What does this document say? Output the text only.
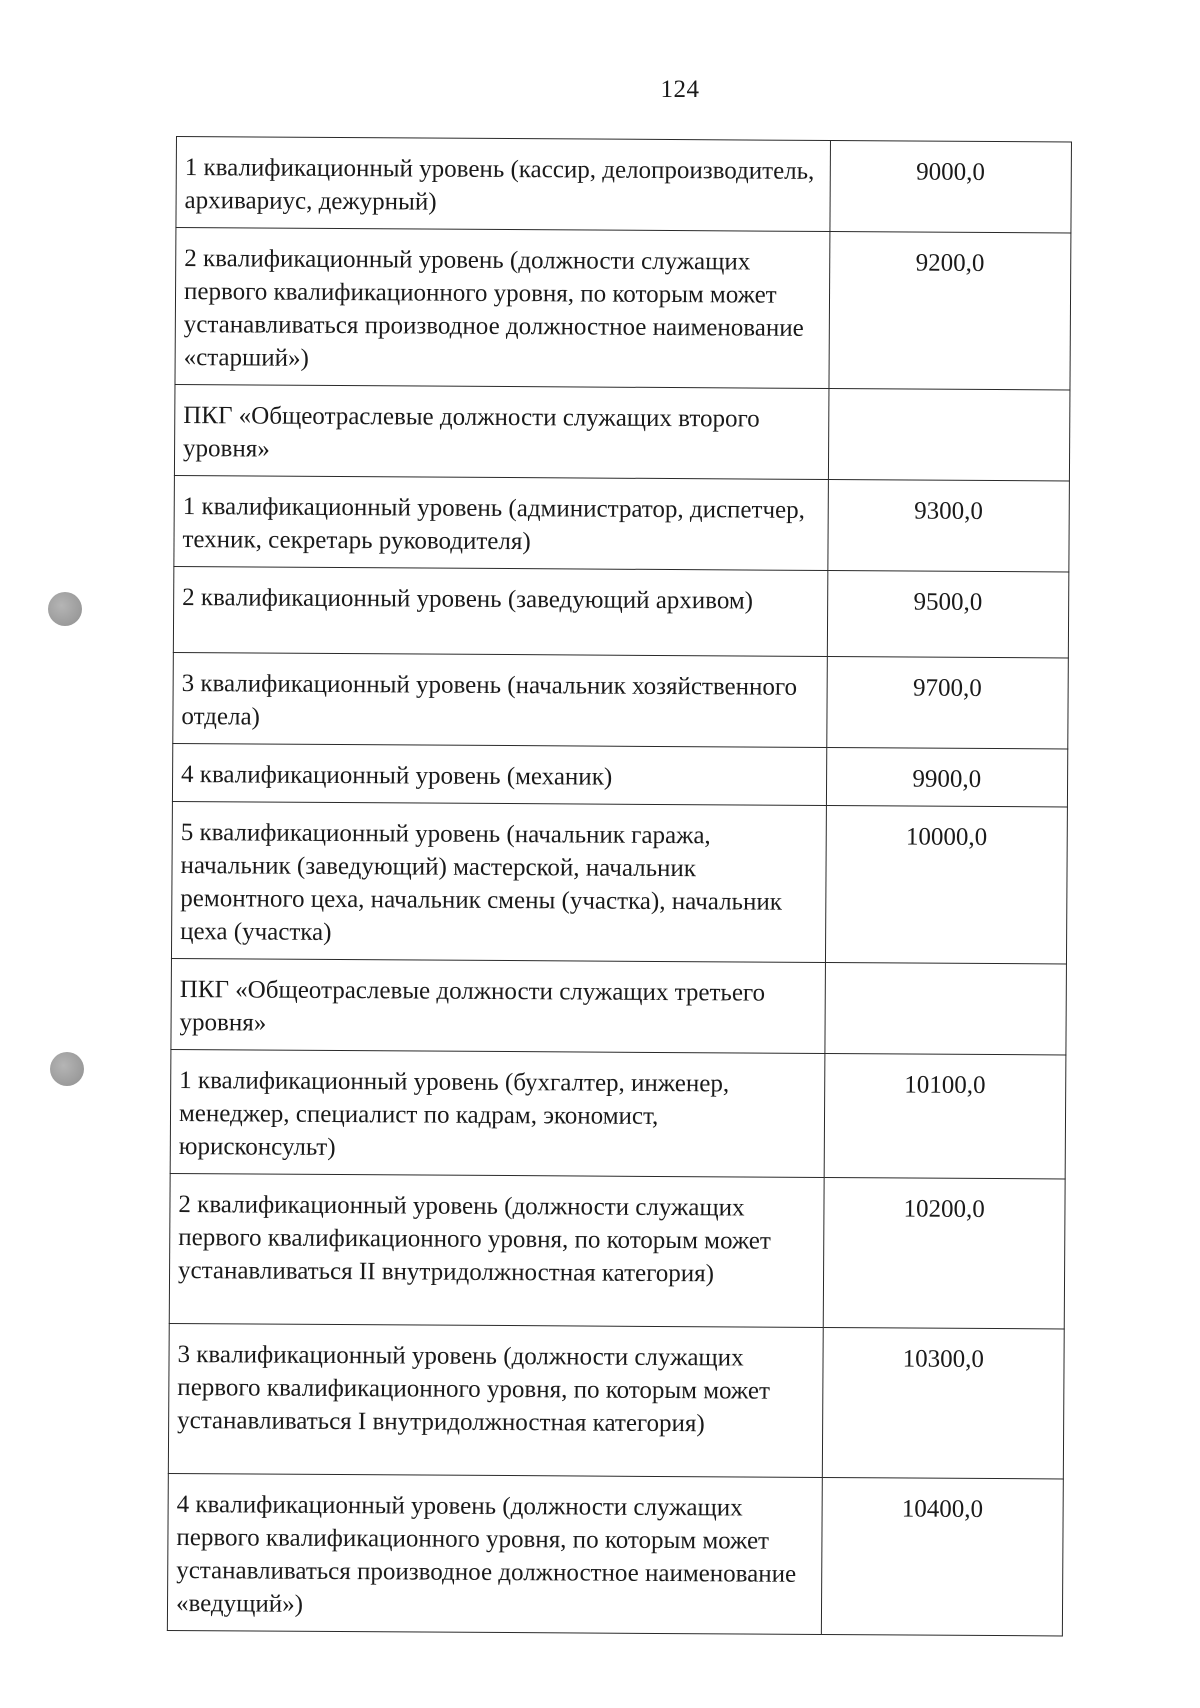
124
1 квалификационный уровень (кассир, делопроизводитель, архивариус, дежурный)	9000,0
2 квалификационный уровень (должности служащих первого квалификационного уровня, по которым может устанавливаться производное должностное наименование «старший»)	9200,0
ПКГ «Общеотраслевые должности служащих второго уровня»	
1 квалификационный уровень (администратор, диспетчер, техник, секретарь руководителя)	9300,0
2 квалификационный уровень (заведующий архивом)	9500,0
3 квалификационный уровень (начальник хозяйственного отдела)	9700,0
4 квалификационный уровень (механик)	9900,0
5 квалификационный уровень (начальник гаража, начальник (заведующий) мастерской, начальник ремонтного цеха, начальник смены (участка), начальник цеха (участка)	10000,0
ПКГ «Общеотраслевые должности служащих третьего уровня»	
1 квалификационный уровень (бухгалтер, инженер, менеджер, специалист по кадрам, экономист, юрисконсульт)	10100,0
2 квалификационный уровень (должности служащих первого квалификационного уровня, по которым может устанавливаться II внутридолжностная категория)	10200,0
3 квалификационный уровень (должности служащих первого квалификационного уровня, по которым может устанавливаться I внутридолжностная категория)	10300,0
4 квалификационный уровень (должности служащих первого квалификационного уровня, по которым может устанавливаться производное должностное наименование «ведущий»)	10400,0
